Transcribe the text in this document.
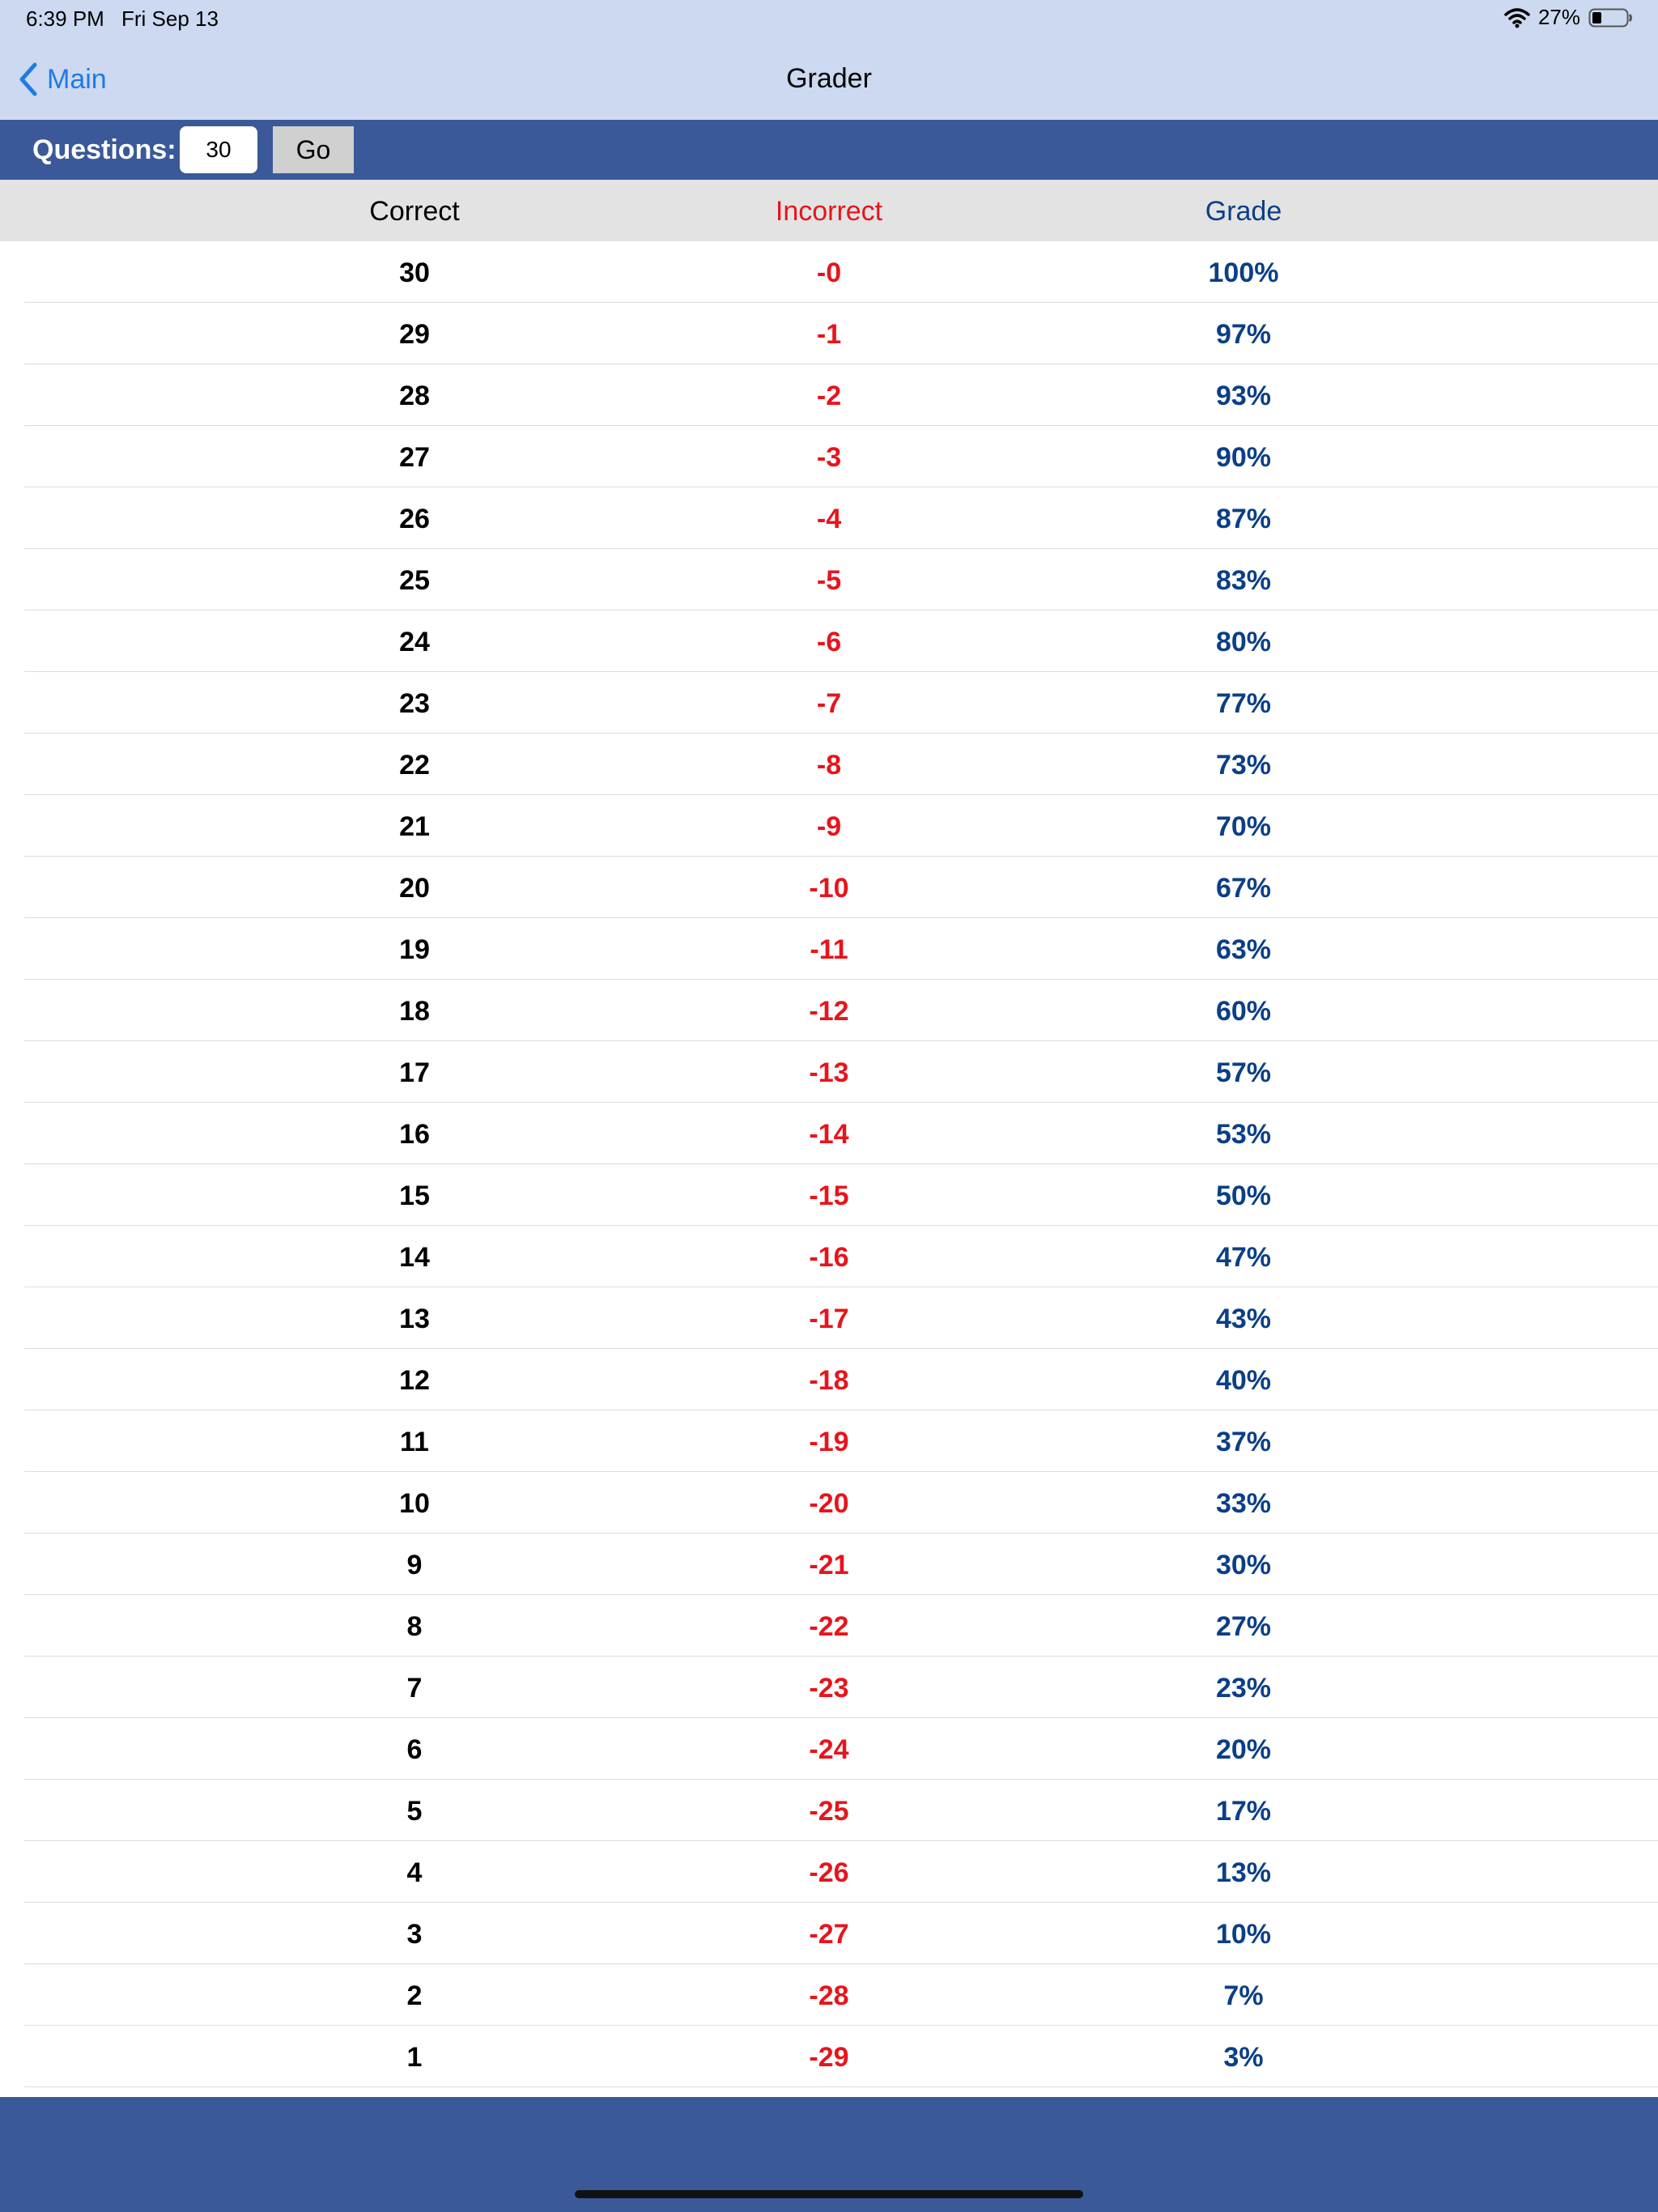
6:39 PM Fri Sep 13	27%
Main	Grader
Questions:
30	Go
Correct	Incorrect	Grade
30	-0	100%
29	-1	97%
28	-2	93%
27	-3	90%
26	-4	87%
25	-5	83%
24	-6	80%
23	-7	77%
22	-8	73%
21	-9	70%
20	-10	67%
19	-11	63%
18	-12	60%
17	-13	57%
16	-14	53%
15	-15	50%
14	-16	47%
13	-17	43%
12	-18	40%
11	-19	37%
10	-20	33%
9	-21	30%
8	-22	27%
7	-23	23%
6	-24	20%
5	-25	17%
4	-26	13%
3	-27	10%
2	-28	7%
1	-29	3%
